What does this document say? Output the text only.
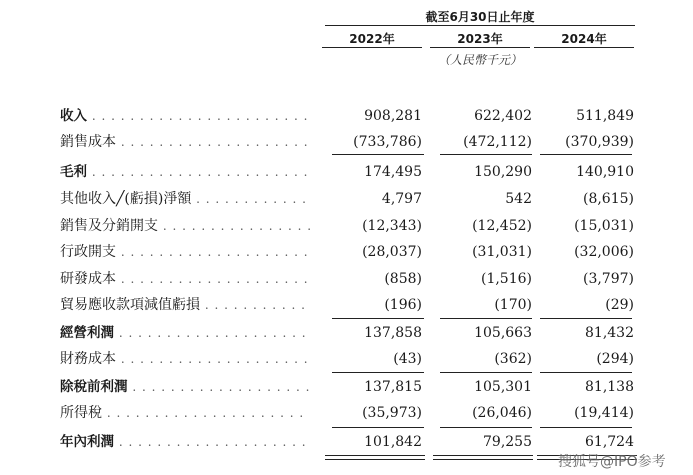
截至6月30日止年度
2022年	2023年	2024年
（人民幣千元）
收入 . . .	908,281	622,402	511,849
銷售成本 . . .	(733,786)	(472,112)	(370,939)
毛利 . . .	174,495	150,290	140,910
其他收入╱(虧損)淨額 . . .	4,797	542	(8,615)
銷售及分銷開支 . . .	(12,343)	(12,452)	(15,031)
行政開支 . . .	(28,037)	(31,031)	(32,006)
研發成本 . . .	(858)	(1,516)	(3,797)
貿易應收款項減值虧損 . . .	(196)	(170)	(29)
經營利潤 . . .	137,858	105,663	81,432
財務成本 . . .	(43)	(362)	(294)
除稅前利潤 . . .	137,815	105,301	81,138
所得稅 . . .	(35,973)	(26,046)	(19,414)
年內利潤 . . .	101,842	79,255	61,724
搜狐号@IPO参考
